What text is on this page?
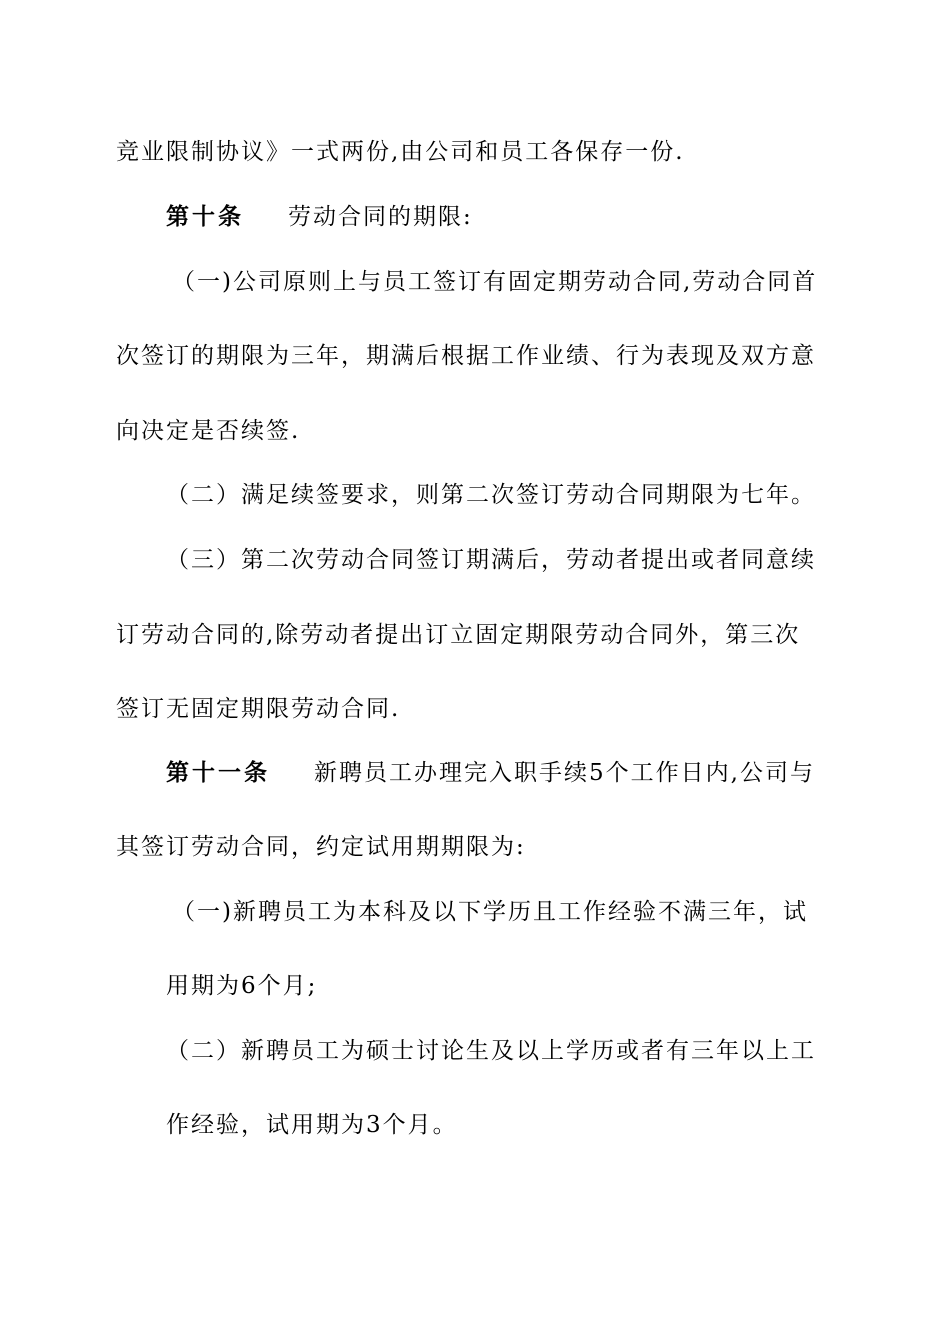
竞业限制协议》一式两份,由公司和员工各保存一份.
第十条 劳动合同的期限:
（一)公司原则上与员工签订有固定期劳动合同,劳动合同首
次签订的期限为三年，期满后根据工作业绩、行为表现及双方意
向决定是否续签.
（二）满足续签要求，则第二次签订劳动合同期限为七年。
（三）第二次劳动合同签订期满后，劳动者提出或者同意续
订劳动合同的,除劳动者提出订立固定期限劳动合同外，第三次
签订无固定期限劳动合同.
第十一条 新聘员工办理完入职手续5个工作日内,公司与
其签订劳动合同，约定试用期期限为:
（一)新聘员工为本科及以下学历且工作经验不满三年，试
用期为6个月;
（二）新聘员工为硕士讨论生及以上学历或者有三年以上工
作经验，试用期为3个月。
